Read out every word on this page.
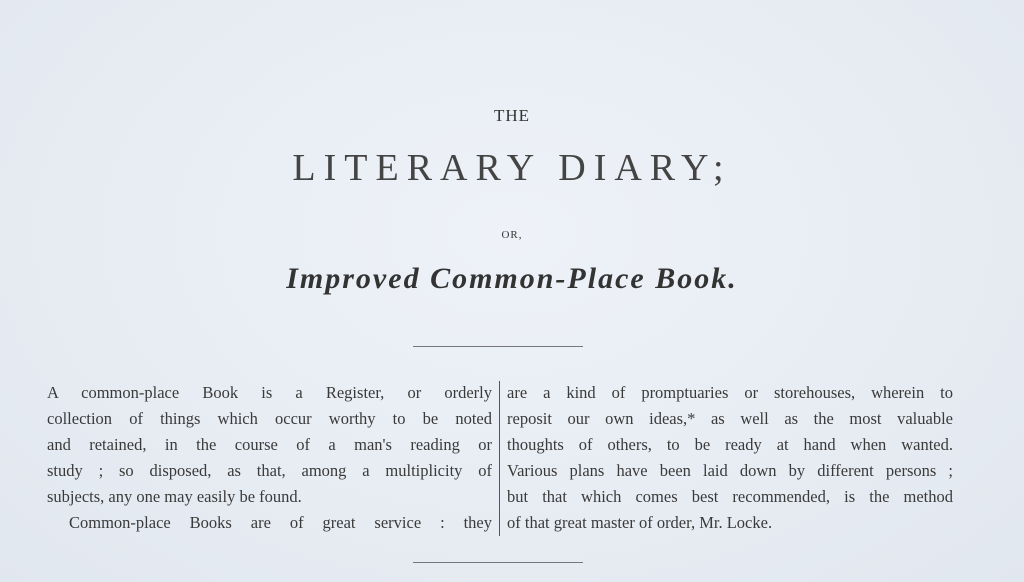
THE
LITERARY DIARY;
OR,
Improved Common-Place Book.
A common-place Book is a Register, or orderly
collection of things which occur worthy to be noted
and retained, in the course of a man's reading or
study ; so disposed, as that, among a multiplicity of
subjects, any one may easily be found.
Common-place Books are of great service : they
are a kind of promptuaries or storehouses, wherein to
reposit our own ideas,* as well as the most valuable
thoughts of others, to be ready at hand when wanted.
Various plans have been laid down by different persons ;
but that which comes best recommended, is the method
of that great master of order, Mr. Locke.
